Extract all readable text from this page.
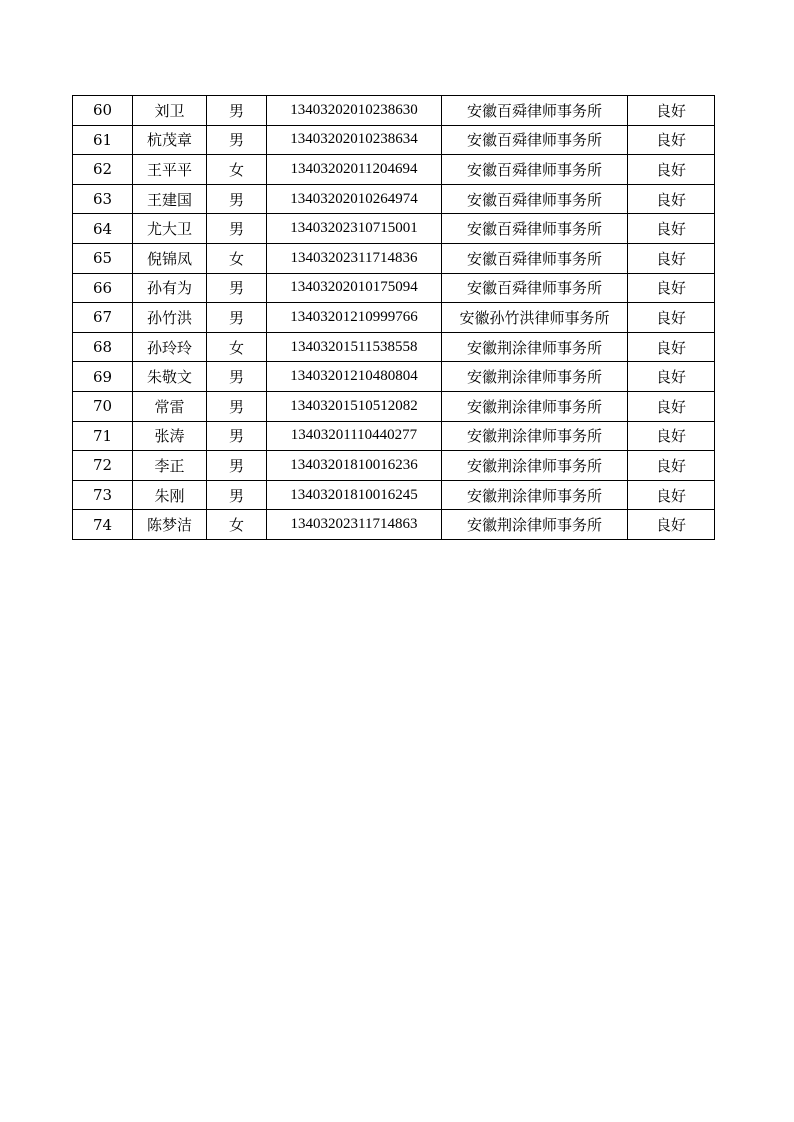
60	刘卫	男	13403202010238630	安徽百舜律师事务所	良好
61	杭茂章	男	13403202010238634	安徽百舜律师事务所	良好
62	王平平	女	13403202011204694	安徽百舜律师事务所	良好
63	王建国	男	13403202010264974	安徽百舜律师事务所	良好
64	尤大卫	男	13403202310715001	安徽百舜律师事务所	良好
65	倪锦凤	女	13403202311714836	安徽百舜律师事务所	良好
66	孙有为	男	13403202010175094	安徽百舜律师事务所	良好
67	孙竹洪	男	13403201210999766	安徽孙竹洪律师事务所	良好
68	孙玲玲	女	13403201511538558	安徽荆涂律师事务所	良好
69	朱敬文	男	13403201210480804	安徽荆涂律师事务所	良好
70	常雷	男	13403201510512082	安徽荆涂律师事务所	良好
71	张涛	男	13403201110440277	安徽荆涂律师事务所	良好
72	李正	男	13403201810016236	安徽荆涂律师事务所	良好
73	朱刚	男	13403201810016245	安徽荆涂律师事务所	良好
74	陈梦洁	女	13403202311714863	安徽荆涂律师事务所	良好
